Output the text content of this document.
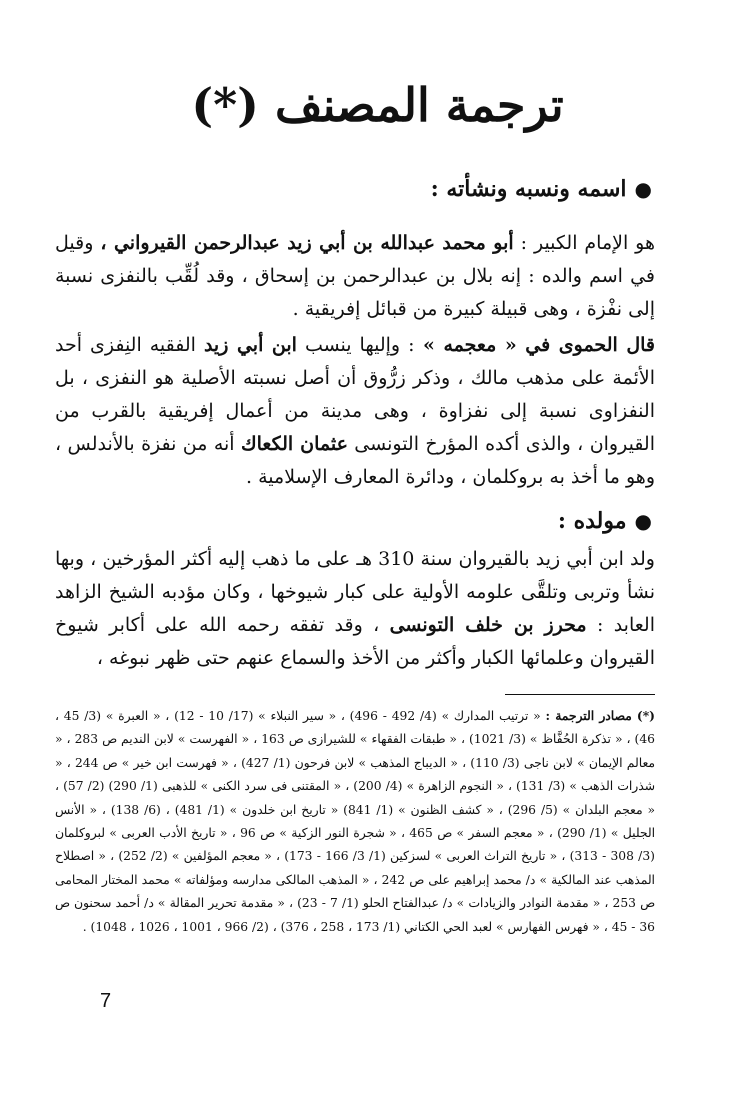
ترجمة المصنف (*)
●
اسمه ونسبه ونشأته :

هو الإمام الكبير : أبو محمد عبدالله بن أبي زيد عبدالرحمن القيرواني ، وقيل في اسم والده : إنه بلال بن عبدالرحمن بن إسحاق ، وقد لُقِّب بالنفزى نسبة إلى نفْزة ، وهى قبيلة كبيرة من قبائل إفريقية .

قال الحموى في « معجمه » : وإليها ينسب ابن أبي زيد الفقيه النِفزى أحد الأئمة على مذهب مالك ، وذكر زرُّوق أن أصل نسبته الأصلية هو النفزى ، بل النفزاوى نسبة إلى نفزاوة ، وهى مدينة من أعمال إفريقية بالقرب من القيروان ، والذى أكده المؤرخ التونسى عثمان الكعاك أنه من نفزة بالأندلس ، وهو ما أخذ به بروكلمان ، ودائرة المعارف الإسلامية .

●
مولده :

ولد ابن أبي زيد بالقيروان سنة 310 هـ على ما ذهب إليه أكثر المؤرخين ، وبها نشأ وتربى وتلقَّى علومه الأولية على كبار شيوخها ، وكان مؤدبه الشيخ الزاهد العابد : محرز بن خلف التونسى ، وقد تفقه رحمه الله على أكابر شيوخ القيروان وعلمائها الكبار وأكثر من الأخذ والسماع عنهم حتى ظهر نبوغه ،

(*) مصادر الترجمة : « ترتيب المدارك » (4/ 492 - 496) ، « سير النبلاء » (17/ 10 - 12) ، « العبرة » (3/ 45 ، 46) ، « تذكرة الحُفَّاظ » (3/ 1021) ، « طبقات الفقهاء » للشيرازى ص 163 ، « الفهرست » لابن النديم ص 283 ، « معالم الإيمان » لابن ناجى (3/ 110) ، « الديباج المذهب » لابن فرحون (1/ 427) ، « فهرست ابن خير » ص 244 ، « شذرات الذهب » (3/ 131) ، « النجوم الزاهرة » (4/ 200) ، « المقتنى فى سرد الكنى » للذهبى (1/ 290) (2/ 57) ، « معجم البلدان » (5/ 296) ، « كشف الظنون » (1/ 841) « تاريخ ابن خلدون » (1/ 481) ، (6/ 138) ، « الأنس الجليل » (1/ 290) ، « معجم السفر » ص 465 ، « شجرة النور الزكية » ص 96 ، « تاريخ الأدب العربى » لبروكلمان (3/ 308 - 313) ، « تاريخ التراث العربى » لسزكين (1/ 3/ 166 - 173) ، « معجم المؤلفين » (2/ 252) ، « اصطلاح المذهب عند المالكية » د/ محمد إبراهيم على ص 242 ، « المذهب المالكى مدارسه ومؤلفاته » محمد المختار المحامى ص 253 ، « مقدمة النوادر والزيادات » د/ عبدالفتاح الحلو (1/ 7 - 23) ، « مقدمة تحرير المقالة » د/ أحمد سحنون ص 36 - 45 ، « فهرس الفهارس » لعبد الحي الكتاني (1/ 173 ، 258 ، 376) ، (2/ 966 ، 1001 ، 1026 ، 1048) .

7
